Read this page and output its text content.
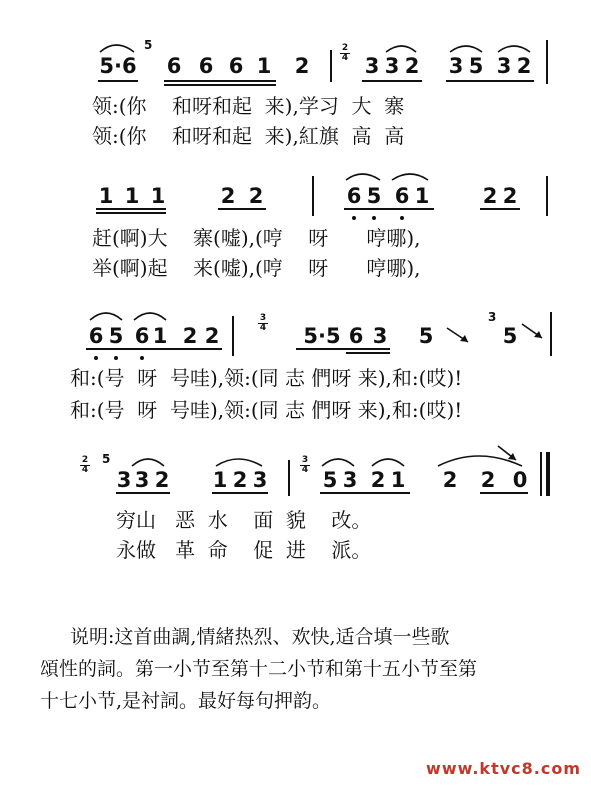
5·6
5
6 6 6 1 2
2
4 3 3 2 3 5 3 2
领:(你    和呀和起  来),学习  大  寨
领:(你    和呀和起  来),紅旗  高  高
1 1 1	2 2	6 5 6 1	2 2
赶(啊)大    寨(嘘),(哼    呀      哼哪),
举(啊)起    来(嘘),(哼    呀      哼哪),
6 5 6 1 2 2
3
4 5·5 6 3 5
3
5
和:(号  呀  号哇),领:(同 志 們呀 来),和:(哎)!
和:(号  呀  号哇),领:(同 志 們呀 来),和:(哎)!
2
4
5
3 3 2 1 2 3
3
4 5 3 2 1 2 2 0
穷山   恶  水    面  貌    改。
永做   革  命    促  进    派。
说明:这首曲調,情緒热烈、欢快,适合填一些歌
頌性的詞。第一小节至第十二小节和第十五小节至第
十七小节,是衬詞。最好每句押韵。
www.ktvc8.com
